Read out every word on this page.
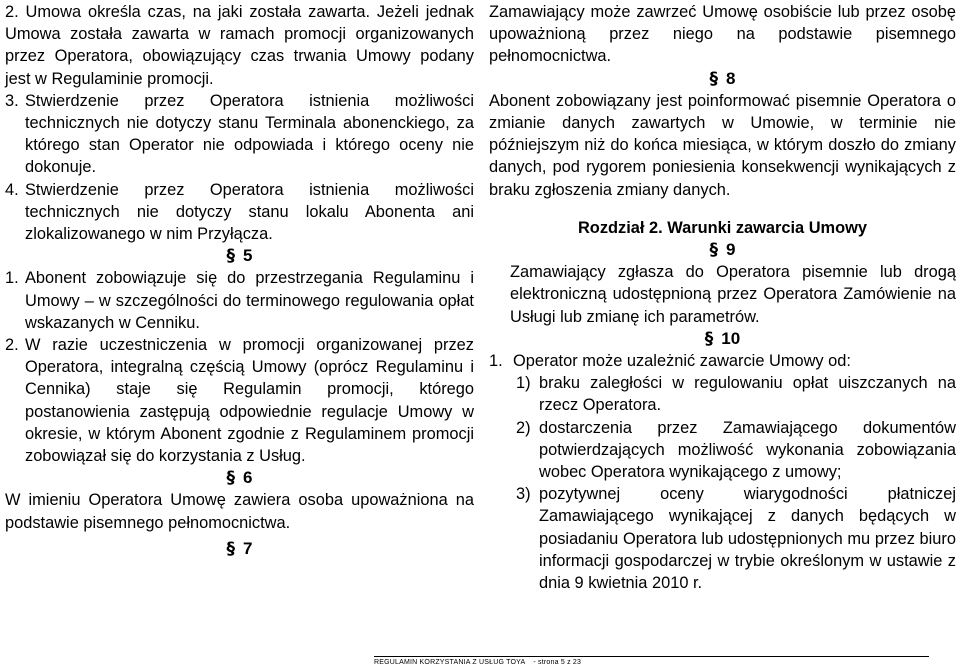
2. Umowa określa czas, na jaki została zawarta. Jeżeli jednak Umowa została zawarta w ramach promocji organizowanych przez Operatora, obowiązujący czas trwania Umowy podany jest w Regulaminie promocji.

3. Stwierdzenie przez Operatora istnienia możliwości technicznych nie dotyczy stanu Terminala abonenckiego, za którego stan Operator nie odpowiada i którego oceny nie dokonuje.
4. Stwierdzenie przez Operatora istnienia możliwości technicznych nie dotyczy stanu lokalu Abonenta ani zlokalizowanego w nim Przyłącza.
§ 5
1. Abonent zobowiązuje się do przestrzegania Regulaminu i Umowy – w szczególności do terminowego regulowania opłat wskazanych w Cenniku.
2. W razie uczestniczenia w promocji organizowanej przez Operatora, integralną częścią Umowy (oprócz Regulaminu i Cennika) staje się Regulamin promocji, którego postanowienia zastępują odpowiednie regulacje Umowy w okresie, w którym Abonent zgodnie z Regulaminem promocji zobowiązał się do korzystania z Usług.
§ 6

W imieniu Operatora Umowę zawiera osoba upoważniona na podstawie pisemnego pełnomocnictwa.

§ 7

Zamawiający może zawrzeć Umowę osobiście lub przez osobę upoważnioną przez niego na podstawie pisemnego pełnomocnictwa.

§ 8

Abonent zobowiązany jest poinformować pisemnie Operatora o zmianie danych zawartych w Umowie, w terminie nie późniejszym niż do końca miesiąca, w którym doszło do zmiany danych, pod rygorem poniesienia konsekwencji wynikających z braku zgłoszenia zmiany danych.

Rozdział 2. Warunki zawarcia Umowy
§ 9

Zamawiający zgłasza do Operatora pisemnie lub drogą elektroniczną udostępnioną przez Operatora Zamówienie na Usługi lub zmianę ich parametrów.

§ 10
1. Operator może uzależnić zawarcie Umowy od:
1) braku zaległości w regulowaniu opłat uiszczanych na rzecz Operatora.
2) dostarczenia przez Zamawiającego dokumentów potwierdzających możliwość wykonania zobowiązania wobec Operatora wynikającego z umowy;
3) pozytywnej oceny wiarygodności płatniczej Zamawiającego wynikającej z danych będących w posiadaniu Operatora lub udostępnionych mu przez biuro informacji gospodarczej w trybie określonym w ustawie z dnia 9 kwietnia 2010 r.
REGULAMIN KORZYSTANIA Z USŁUG TOYA - strona 5 z 23
